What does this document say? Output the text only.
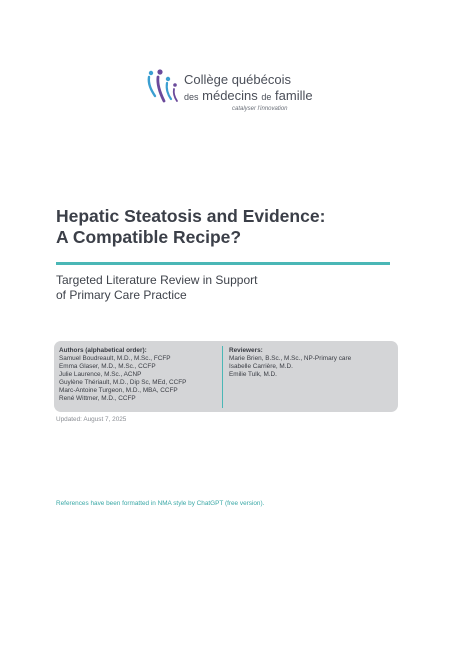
Collège québécois
des médecins de famille
catalyser l'innovation
Hepatic Steatosis and Evidence:
A Compatible Recipe?
Targeted Literature Review in Support
of Primary Care Practice
Authors (alphabetical order):
Samuel Boudreault, M.D., M.Sc., FCFP
Emma Glaser, M.D., M.Sc., CCFP
Julie Laurence, M.Sc., ACNP
Guylène Thériault, M.D., Dip Sc, MEd, CCFP
Marc-Antoine Turgeon, M.D., MBA, CCFP
René Wittmer, M.D., CCFP
Reviewers:
Marie Brien, B.Sc., M.Sc., NP-Primary care
Isabelle Carrière, M.D.
Emilie Tulk, M.D.
Updated: August 7, 2025
References have been formatted in NMA style by ChatGPT (free version).
